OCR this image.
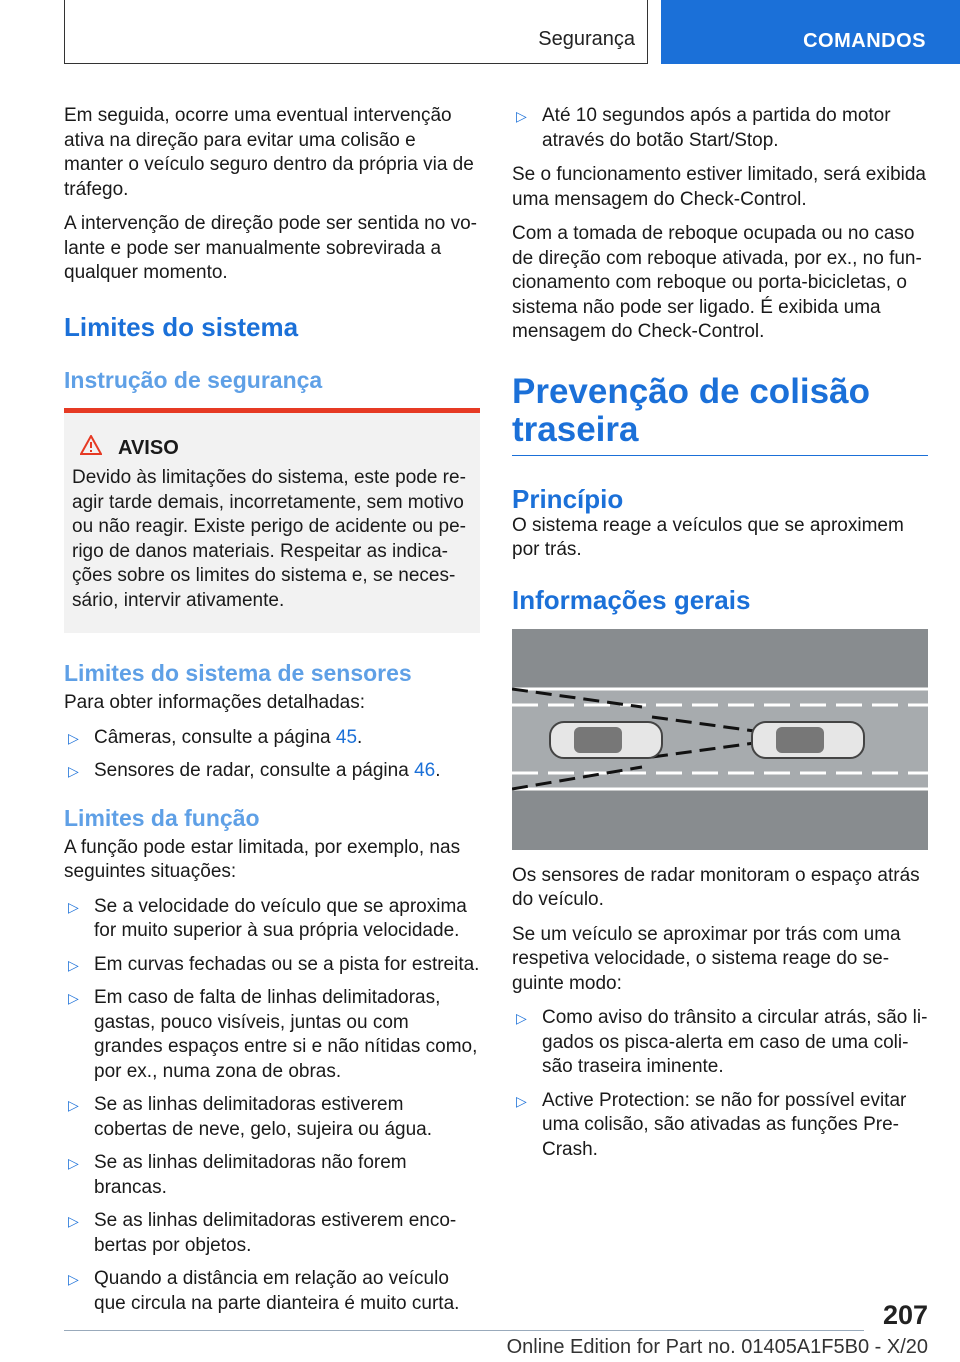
Segurança	COMANDOS

Em seguida, ocorre uma eventual intervenção ativa na direção para evitar uma colisão e manter o veículo seguro dentro da própria via de tráfego.

A intervenção de direção pode ser sentida no volante e pode ser manualmente sobrevirada a qualquer momento.

Limites do sistema
Instrução de segurança
AVISO
Devido às limitações do sistema, este pode reagir tarde demais, incorretamente, sem motivo ou não reagir. Existe perigo de acidente ou perigo de danos materiais. Respeitar as indicações sobre os limites do sistema e, se necessário, intervir ativamente.
Limites do sistema de sensores

Para obter informações detalhadas:

▷ Câmeras, consulte a página 45.
▷ Sensores de radar, consulte a página 46.
Limites da função

A função pode estar limitada, por exemplo, nas seguintes situações:

▷ Se a velocidade do veículo que se aproxima for muito superior à sua própria velocidade.
▷ Em curvas fechadas ou se a pista for estreita.
▷ Em caso de falta de linhas delimitadoras, gastas, pouco visíveis, juntas ou com grandes espaços entre si e não nítidas como, por ex., numa zona de obras.
▷ Se as linhas delimitadoras estiverem cobertas de neve, gelo, sujeira ou água.
▷ Se as linhas delimitadoras não forem brancas.
▷ Se as linhas delimitadoras estiverem encobertas por objetos.
▷ Quando a distância em relação ao veículo que circula na parte dianteira é muito curta.
▷ Até 10 segundos após a partida do motor através do botão Start/Stop.

Se o funcionamento estiver limitado, será exibida uma mensagem do Check-Control.

Com a tomada de reboque ocupada ou no caso de direção com reboque ativada, por ex., no funcionamento com reboque ou porta-bicicletas, o sistema não pode ser ligado. É exibida uma mensagem do Check-Control.

Prevenção de colisão
traseira
Princípio

O sistema reage a veículos que se aproximem por trás.

Informações gerais

Os sensores de radar monitoram o espaço atrás do veículo.

Se um veículo se aproximar por trás com uma respetiva velocidade, o sistema reage do seguinte modo:

▷ Como aviso do trânsito a circular atrás, são ligados os pisca-alerta em caso de uma colisão traseira iminente.
▷ Active Protection: se não for possível evitar uma colisão, são ativadas as funções Pre-Crash.
207
Online Edition for Part no. 01405A1F5B0 - X/20
